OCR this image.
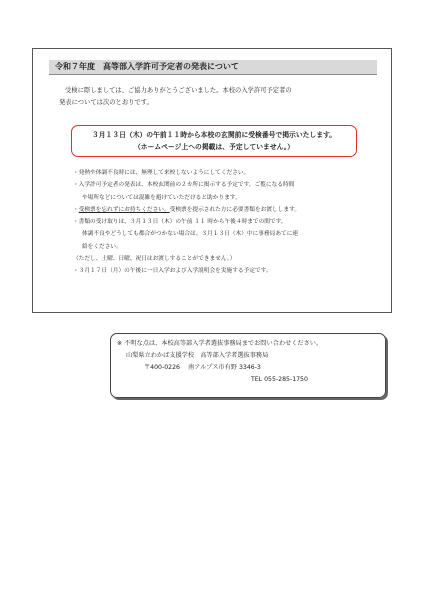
令和７年度 高等部入学許可予定者の発表について
受検に際しましては、ご協力ありがとうございました。本校の入学許可予定者の
発表については次のとおりです。
３月１３日（木）の午前１１時から本校の玄関前に受検番号で掲示いたします。
（ホームページ上への掲載は、予定していません。）
・発熱や体調不良時には、無理して来校しないようにしてください。
・入学許可予定者の発表は、本校玄関前の２カ所に掲示する予定です。ご覧になる時間
や場所などについては混雑を避けていただけると助かります。
・受検票を忘れずにお持ちください。受検票を提示された方に必要書類をお渡しします。
・書類の受け取りは、３月１３日（木）の午前 １１ 時から午後４時までの間です。
体調不良やどうしても都合がつかない場合は、３月１３日（木）中に事務局あてに連
絡をください。
（ただし、土曜、日曜、祝日はお渡しすることができません。）
・３月１７日（月）の午後に一日入学および入学説明会を実施する予定です。
※ 不明な点は、本校高等部入学者選抜事務局までお問い合わせください。
山梨県立わかば支援学校　高等部入学者選抜事務局
〒400-0226 南アルプス市有野 3346-3
TEL 055-285-1750
